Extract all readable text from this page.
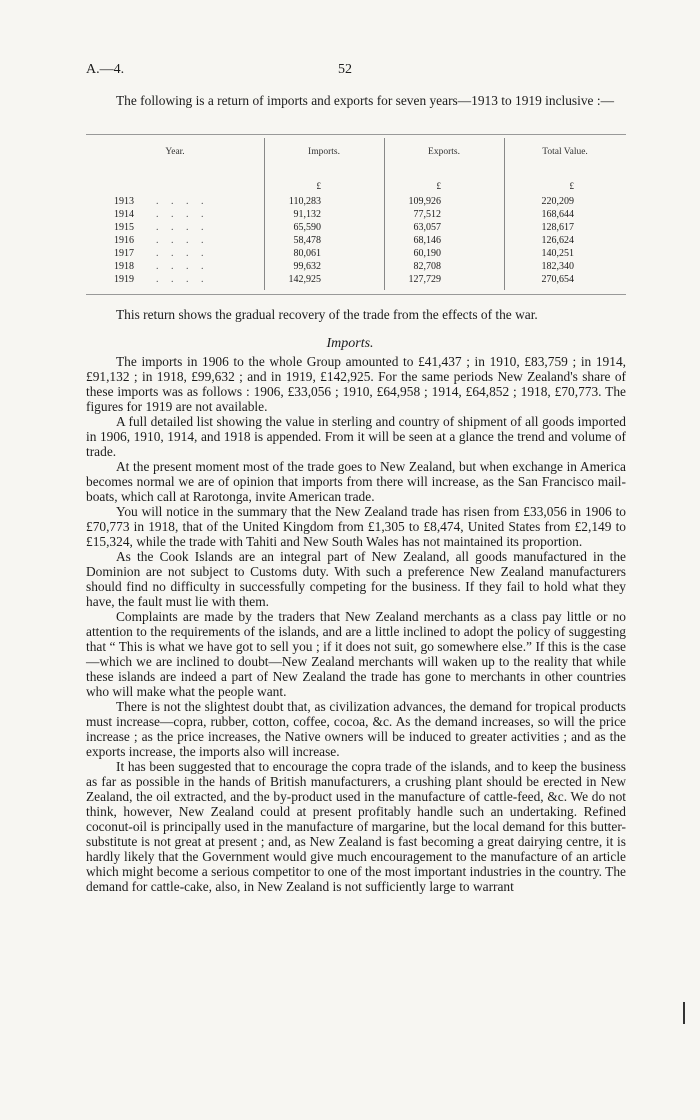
A.—4.	52

The following is a return of imports and exports for seven years—1913 to 1919 inclusive :—

Year.	Imports.	Exports.	Total Value.
£	£	£
1913 . . . .	110,283	109,926	220,209
1914 . . . .	91,132	77,512	168,644
1915 . . . .	65,590	63,057	128,617
1916 . . . .	58,478	68,146	126,624
1917 . . . .	80,061	60,190	140,251
1918 . . . .	99,632	82,708	182,340
1919 . . . .	142,925	127,729	270,654

This return shows the gradual recovery of the trade from the effects of the war.

Imports.

The imports in 1906 to the whole Group amounted to £41,437 ; in 1910, £83,759 ; in 1914, £91,132 ; in 1918, £99,632 ; and in 1919, £142,925. For the same periods New Zealand's share of these imports was as follows : 1906, £33,056 ; 1910, £64,958 ; 1914, £64,852 ; 1918, £70,773. The figures for 1919 are not available.

A full detailed list showing the value in sterling and country of shipment of all goods imported in 1906, 1910, 1914, and 1918 is appended. From it will be seen at a glance the trend and volume of trade.

At the present moment most of the trade goes to New Zealand, but when exchange in America becomes normal we are of opinion that imports from there will increase, as the San Francisco mail-boats, which call at Rarotonga, invite American trade.

You will notice in the summary that the New Zealand trade has risen from £33,056 in 1906 to £70,773 in 1918, that of the United Kingdom from £1,305 to £8,474, United States from £2,149 to £15,324, while the trade with Tahiti and New South Wales has not maintained its proportion.

As the Cook Islands are an integral part of New Zealand, all goods manufactured in the Dominion are not subject to Customs duty. With such a preference New Zealand manufacturers should find no difficulty in successfully competing for the business. If they fail to hold what they have, the fault must lie with them.

Complaints are made by the traders that New Zealand merchants as a class pay little or no attention to the requirements of the islands, and are a little inclined to adopt the policy of suggesting that “ This is what we have got to sell you ; if it does not suit, go somewhere else.” If this is the case—which we are inclined to doubt—New Zealand merchants will waken up to the reality that while these islands are indeed a part of New Zealand the trade has gone to merchants in other countries who will make what the people want.

There is not the slightest doubt that, as civilization advances, the demand for tropical products must increase—copra, rubber, cotton, coffee, cocoa, &c. As the demand increases, so will the price increase ; as the price increases, the Native owners will be induced to greater activities ; and as the exports increase, the imports also will increase.

It has been suggested that to encourage the copra trade of the islands, and to keep the business as far as possible in the hands of British manufacturers, a crushing plant should be erected in New Zealand, the oil extracted, and the by-product used in the manufacture of cattle-feed, &c. We do not think, however, New Zealand could at present profitably handle such an undertaking. Refined coconut-oil is principally used in the manufacture of margarine, but the local demand for this butter-substitute is not great at present ; and, as New Zealand is fast becoming a great dairying centre, it is hardly likely that the Government would give much encouragement to the manufacture of an article which might become a serious competitor to one of the most important industries in the country. The demand for cattle-cake, also, in New Zealand is not sufficiently large to warrant
